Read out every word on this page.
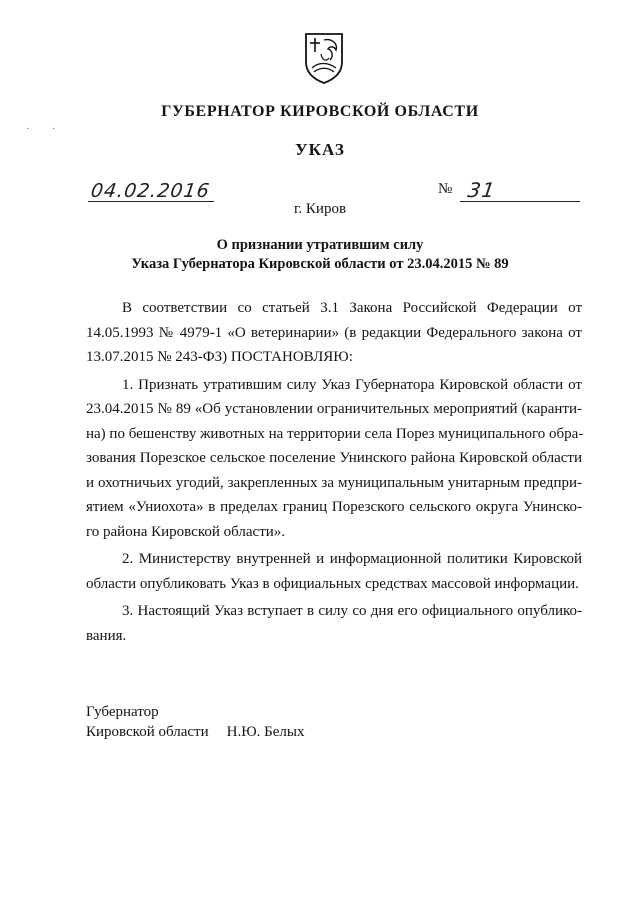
· ·
ГУБЕРНАТОР КИРОВСКОЙ ОБЛАСТИ
УКАЗ
04.02.2016	№ 31
г. Киров
О признании утратившим силу
Указа Губернатора Кировской области от 23.04.2015 № 89

В соответствии со статьей 3.1 Закона Российской Федерации от
14.05.1993 № 4979-1 «О ветеринарии» (в редакции Федерального закона от
13.07.2015 № 243-ФЗ) ПОСТАНОВЛЯЮ:

1. Признать утратившим силу Указ Губернатора Кировской области от
23.04.2015 № 89 «Об установлении ограничительных мероприятий (каранти-
на) по бешенству животных на территории села Порез муниципального обра-
зования Порезское сельское поселение Унинского района Кировской области
и охотничьих угодий, закрепленных за муниципальным унитарным предпри-
ятием «Униохота» в пределах границ Порезского сельского округа Унинско-
го района Кировской области».

2. Министерству внутренней и информационной политики Кировской
области опубликовать Указ в официальных средствах массовой информации.

3. Настоящий Указ вступает в силу со дня его официального опублико-
вания.

Губернатор
Кировской области Н.Ю. Белых
